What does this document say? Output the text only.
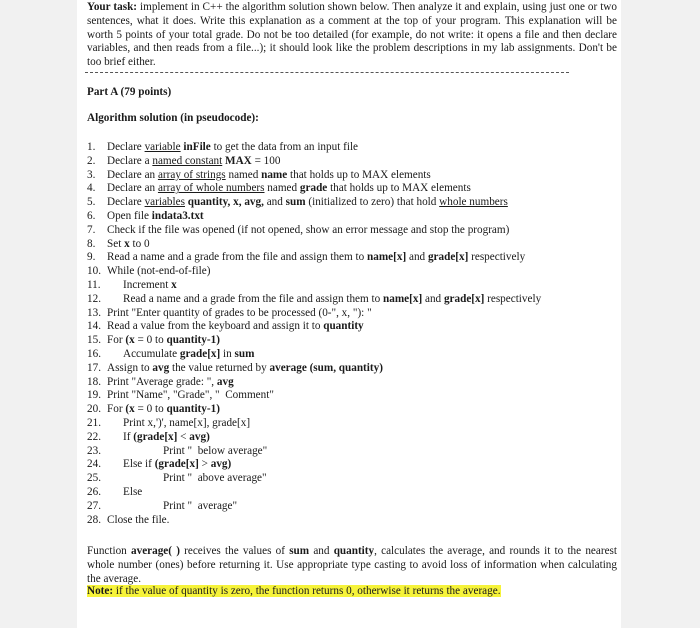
Your task: implement in C++ the algorithm solution shown below. Then analyze it and explain, using just one or two sentences, what it does. Write this explanation as a comment at the top of your program. This explanation will be worth 5 points of your total grade. Do not be too detailed (for example, do not write: it opens a file and then declare variables, and then reads from a file...); it should look like the problem descriptions in my lab assignments. Don't be too brief either.
Part A (79 points)
Algorithm solution (in pseudocode):
1. Declare variable inFile to get the data from an input file
2. Declare a named constant MAX = 100
3. Declare an array of strings named name that holds up to MAX elements
4. Declare an array of whole numbers named grade that holds up to MAX elements
5. Declare variables quantity, x, avg, and sum (initialized to zero) that hold whole numbers
6. Open file indata3.txt
7. Check if the file was opened (if not opened, show an error message and stop the program)
8. Set x to 0
9. Read a name and a grade from the file and assign them to name[x] and grade[x] respectively
10. While (not-end-of-file)
11. Increment x
12. Read a name and a grade from the file and assign them to name[x] and grade[x] respectively
13. Print "Enter quantity of grades to be processed (0-", x, "): "
14. Read a value from the keyboard and assign it to quantity
15. For (x = 0 to quantity-1)
16. Accumulate grade[x] in sum
17. Assign to avg the value returned by average (sum, quantity)
18. Print "Average grade: ", avg
19. Print "Name", "Grade", "  Comment"
20. For (x = 0 to quantity-1)
21. Print x,')', name[x], grade[x]
22. If (grade[x] < avg)
23.	Print "  below average"
24. Else if (grade[x] > avg)
25.	Print "  above average"
26. Else
27.	Print "  average"
28. Close the file.
Function average( ) receives the values of sum and quantity, calculates the average, and rounds it to the nearest whole number (ones) before returning it. Use appropriate type casting to avoid loss of information when calculating the average.
Note: if the value of quantity is zero, the function returns 0, otherwise it returns the average.
